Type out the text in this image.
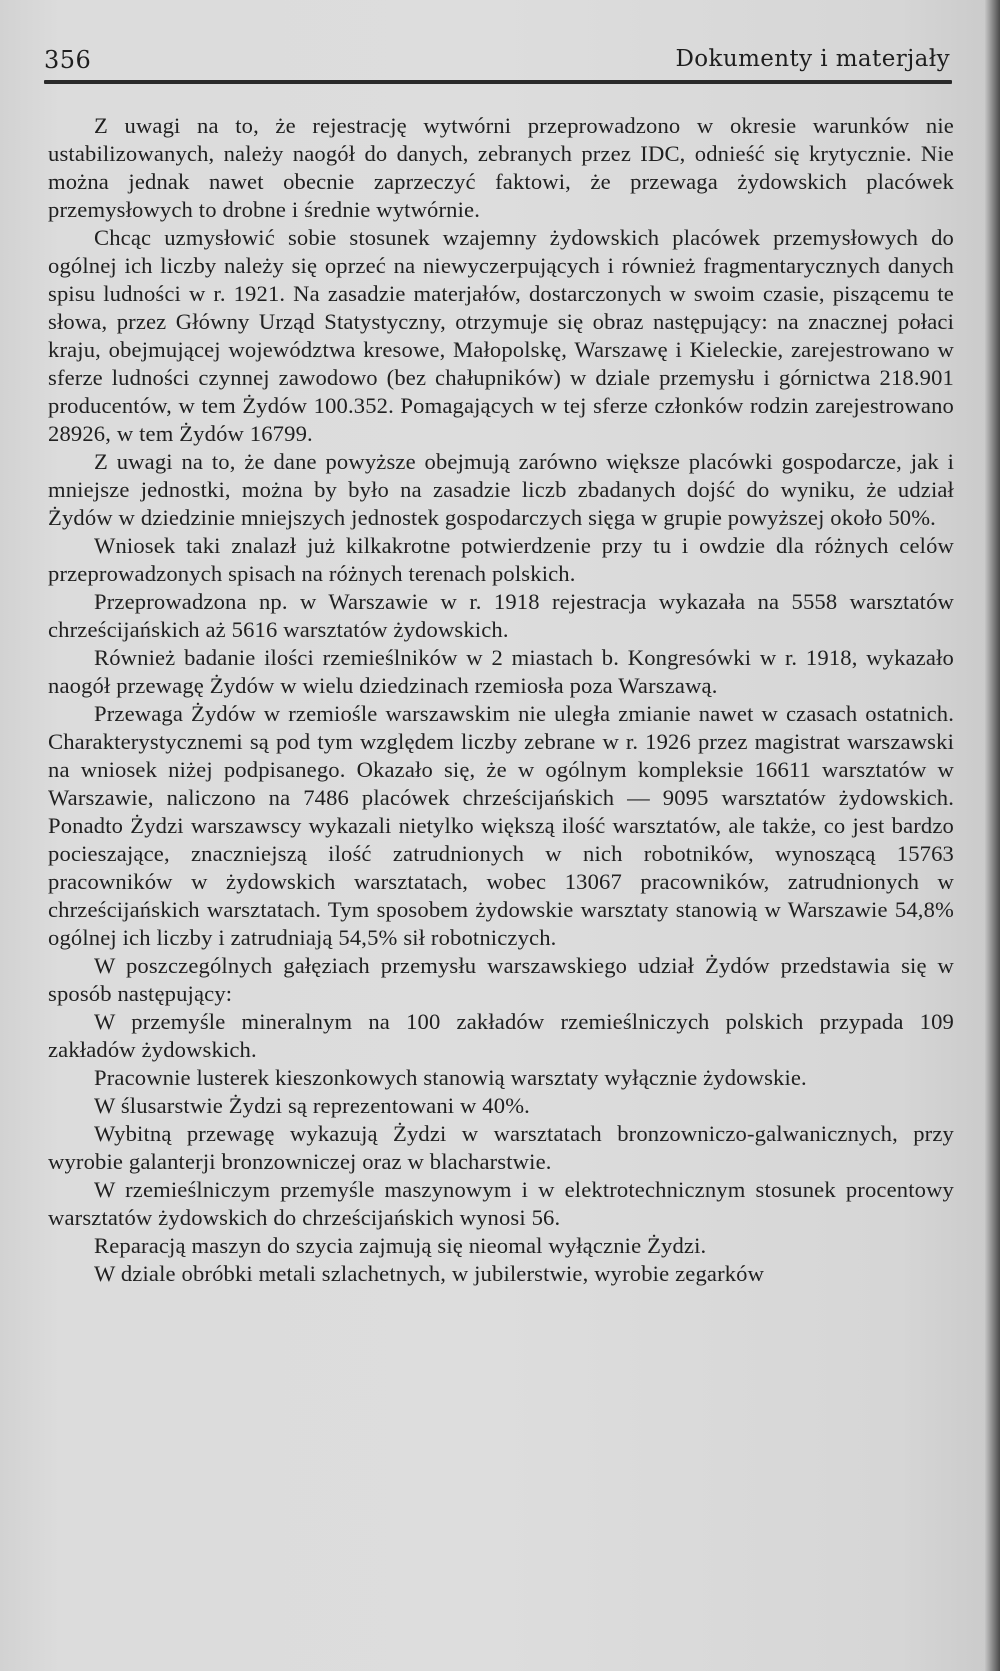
356	Dokumenty i materjały

Z uwagi na to, że rejestrację wytwórni przeprowadzono w okresie warunków nie ustabilizowanych, należy naogół do danych, zebranych przez IDC, odnieść się krytycznie. Nie można jednak nawet obecnie zaprzeczyć faktowi, że przewaga żydowskich placówek przemysłowych to drobne i średnie wytwórnie.

Chcąc uzmysłowić sobie stosunek wzajemny żydowskich placówek przemysłowych do ogólnej ich liczby należy się oprzeć na niewyczerpujących i również fragmentarycznych danych spisu ludności w r. 1921. Na zasadzie materjałów, dostarczonych w swoim czasie, piszącemu te słowa, przez Główny Urząd Statystyczny, otrzymuje się obraz następujący: na znacznej połaci kraju, obejmującej województwa kresowe, Małopolskę, Warszawę i Kieleckie, zarejestrowano w sferze ludności czynnej zawodowo (bez chałupników) w dziale przemysłu i górnictwa 218.901 producentów, w tem Żydów 100.352. Pomagających w tej sferze członków rodzin zarejestrowano 28926, w tem Żydów 16799.

Z uwagi na to, że dane powyższe obejmują zarówno większe placówki gospodarcze, jak i mniejsze jednostki, można by było na zasadzie liczb zbadanych dojść do wyniku, że udział Żydów w dziedzinie mniejszych jednostek gospodarczych sięga w grupie powyższej około 50%.

Wniosek taki znalazł już kilkakrotne potwierdzenie przy tu i owdzie dla różnych celów przeprowadzonych spisach na różnych terenach polskich.

Przeprowadzona np. w Warszawie w r. 1918 rejestracja wykazała na 5558 warsztatów chrześcijańskich aż 5616 warsztatów żydowskich.

Również badanie ilości rzemieślników w 2 miastach b. Kongresówki w r. 1918, wykazało naogół przewagę Żydów w wielu dziedzinach rzemiosła poza Warszawą.

Przewaga Żydów w rzemiośle warszawskim nie uległa zmianie nawet w czasach ostatnich. Charakterystycznemi są pod tym względem liczby zebrane w r. 1926 przez magistrat warszawski na wniosek niżej podpisanego. Okazało się, że w ogólnym kompleksie 16611 warsztatów w Warszawie, naliczono na 7486 placówek chrześcijańskich — 9095 warsztatów żydowskich. Ponadto Żydzi warszawscy wykazali nietylko większą ilość warsztatów, ale także, co jest bardzo pocieszające, znaczniejszą ilość zatrudnionych w nich robotników, wynoszącą 15763 pracowników w żydowskich warsztatach, wobec 13067 pracowników, zatrudnionych w chrześcijańskich warsztatach. Tym sposobem żydowskie warsztaty stanowią w Warszawie 54,8% ogólnej ich liczby i zatrudniają 54,5% sił robotniczych.

W poszczególnych gałęziach przemysłu warszawskiego udział Żydów przedstawia się w sposób następujący:

W przemyśle mineralnym na 100 zakładów rzemieślniczych polskich przypada 109 zakładów żydowskich.

Pracownie lusterek kieszonkowych stanowią warsztaty wyłącznie żydowskie.

W ślusarstwie Żydzi są reprezentowani w 40%.

Wybitną przewagę wykazują Żydzi w warsztatach bronzowniczo-galwanicznych, przy wyrobie galanterji bronzowniczej oraz w blacharstwie.

W rzemieślniczym przemyśle maszynowym i w elektrotechnicznym stosunek procentowy warsztatów żydowskich do chrześcijańskich wynosi 56.

Reparacją maszyn do szycia zajmują się nieomal wyłącznie Żydzi.

W dziale obróbki metali szlachetnych, w jubilerstwie, wyrobie zegarków
